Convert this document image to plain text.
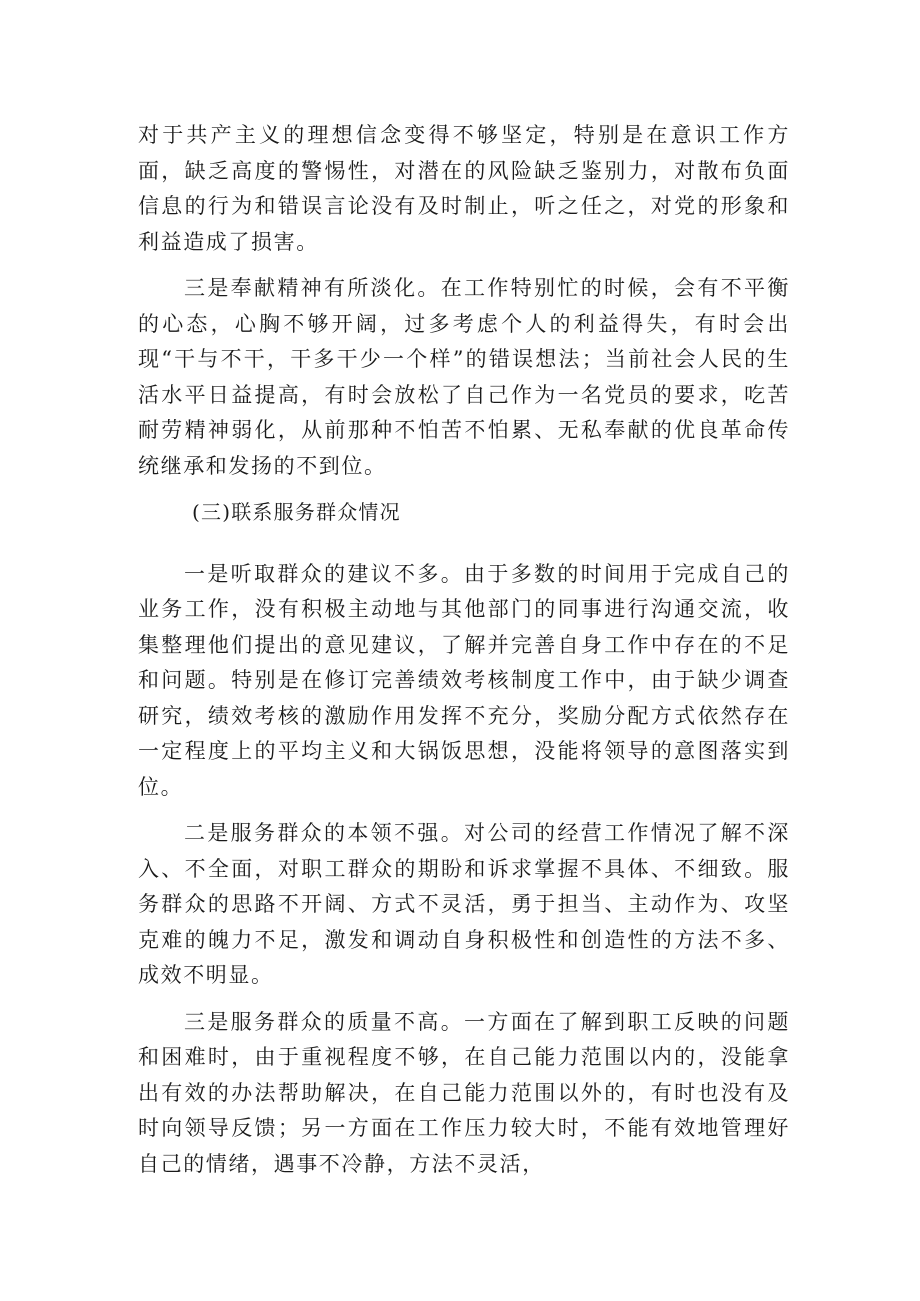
对于共产主义的理想信念变得不够坚定，特别是在意识工作方面，缺乏高度的警惕性，对潜在的风险缺乏鉴别力，对散布负面信息的行为和错误言论没有及时制止，听之任之，对党的形象和利益造成了损害。

三是奉献精神有所淡化。在工作特别忙的时候，会有不平衡的心态，心胸不够开阔，过多考虑个人的利益得失，有时会出现“干与不干，干多干少一个样”的错误想法；当前社会人民的生活水平日益提高，有时会放松了自己作为一名党员的要求，吃苦耐劳精神弱化，从前那种不怕苦不怕累、无私奉献的优良革命传统继承和发扬的不到位。

(三)联系服务群众情况

一是听取群众的建议不多。由于多数的时间用于完成自己的业务工作，没有积极主动地与其他部门的同事进行沟通交流，收集整理他们提出的意见建议，了解并完善自身工作中存在的不足和问题。特别是在修订完善绩效考核制度工作中，由于缺少调查研究，绩效考核的激励作用发挥不充分，奖励分配方式依然存在一定程度上的平均主义和大锅饭思想，没能将领导的意图落实到位。

二是服务群众的本领不强。对公司的经营工作情况了解不深入、不全面，对职工群众的期盼和诉求掌握不具体、不细致。服务群众的思路不开阔、方式不灵活，勇于担当、主动作为、攻坚克难的魄力不足，激发和调动自身积极性和创造性的方法不多、成效不明显。

三是服务群众的质量不高。一方面在了解到职工反映的问题和困难时，由于重视程度不够，在自己能力范围以内的，没能拿出有效的办法帮助解决，在自己能力范围以外的，有时也没有及时向领导反馈；另一方面在工作压力较大时，不能有效地管理好自己的情绪，遇事不冷静，方法不灵活，
